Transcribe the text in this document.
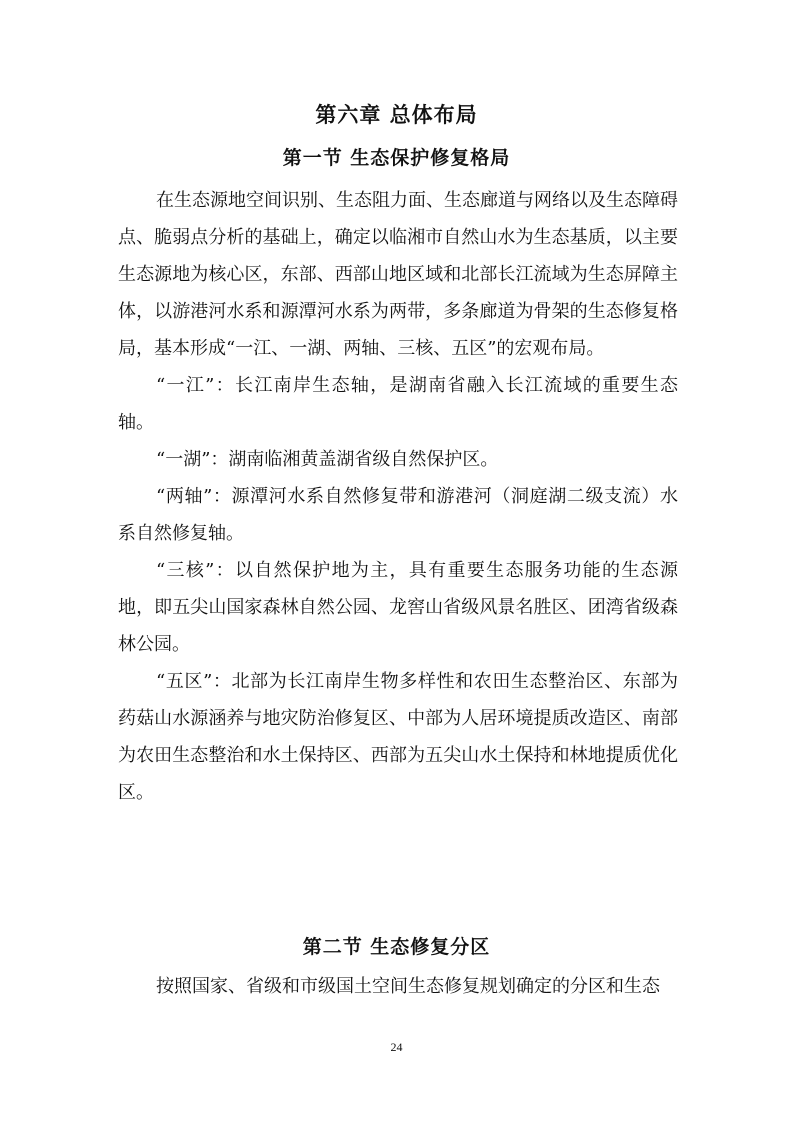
第六章 总体布局
第一节 生态保护修复格局

在生态源地空间识别、生态阻力面、生态廊道与网络以及生态障碍点、脆弱点分析的基础上，确定以临湘市自然山水为生态基质，以主要生态源地为核心区，东部、西部山地区域和北部长江流域为生态屏障主体，以游港河水系和源潭河水系为两带，多条廊道为骨架的生态修复格局，基本形成“一江、一湖、两轴、三核、五区”的宏观布局。

“一江”：长江南岸生态轴，是湖南省融入长江流域的重要生态轴。

“一湖”：湖南临湘黄盖湖省级自然保护区。

“两轴”：源潭河水系自然修复带和游港河（洞庭湖二级支流）水系自然修复轴。

“三核”：以自然保护地为主，具有重要生态服务功能的生态源地，即五尖山国家森林自然公园、龙窖山省级风景名胜区、团湾省级森林公园。

“五区”：北部为长江南岸生物多样性和农田生态整治区、东部为药菇山水源涵养与地灾防治修复区、中部为人居环境提质改造区、南部为农田生态整治和水土保持区、西部为五尖山水土保持和林地提质优化区。

第二节 生态修复分区

按照国家、省级和市级国土空间生态修复规划确定的分区和生态

24
